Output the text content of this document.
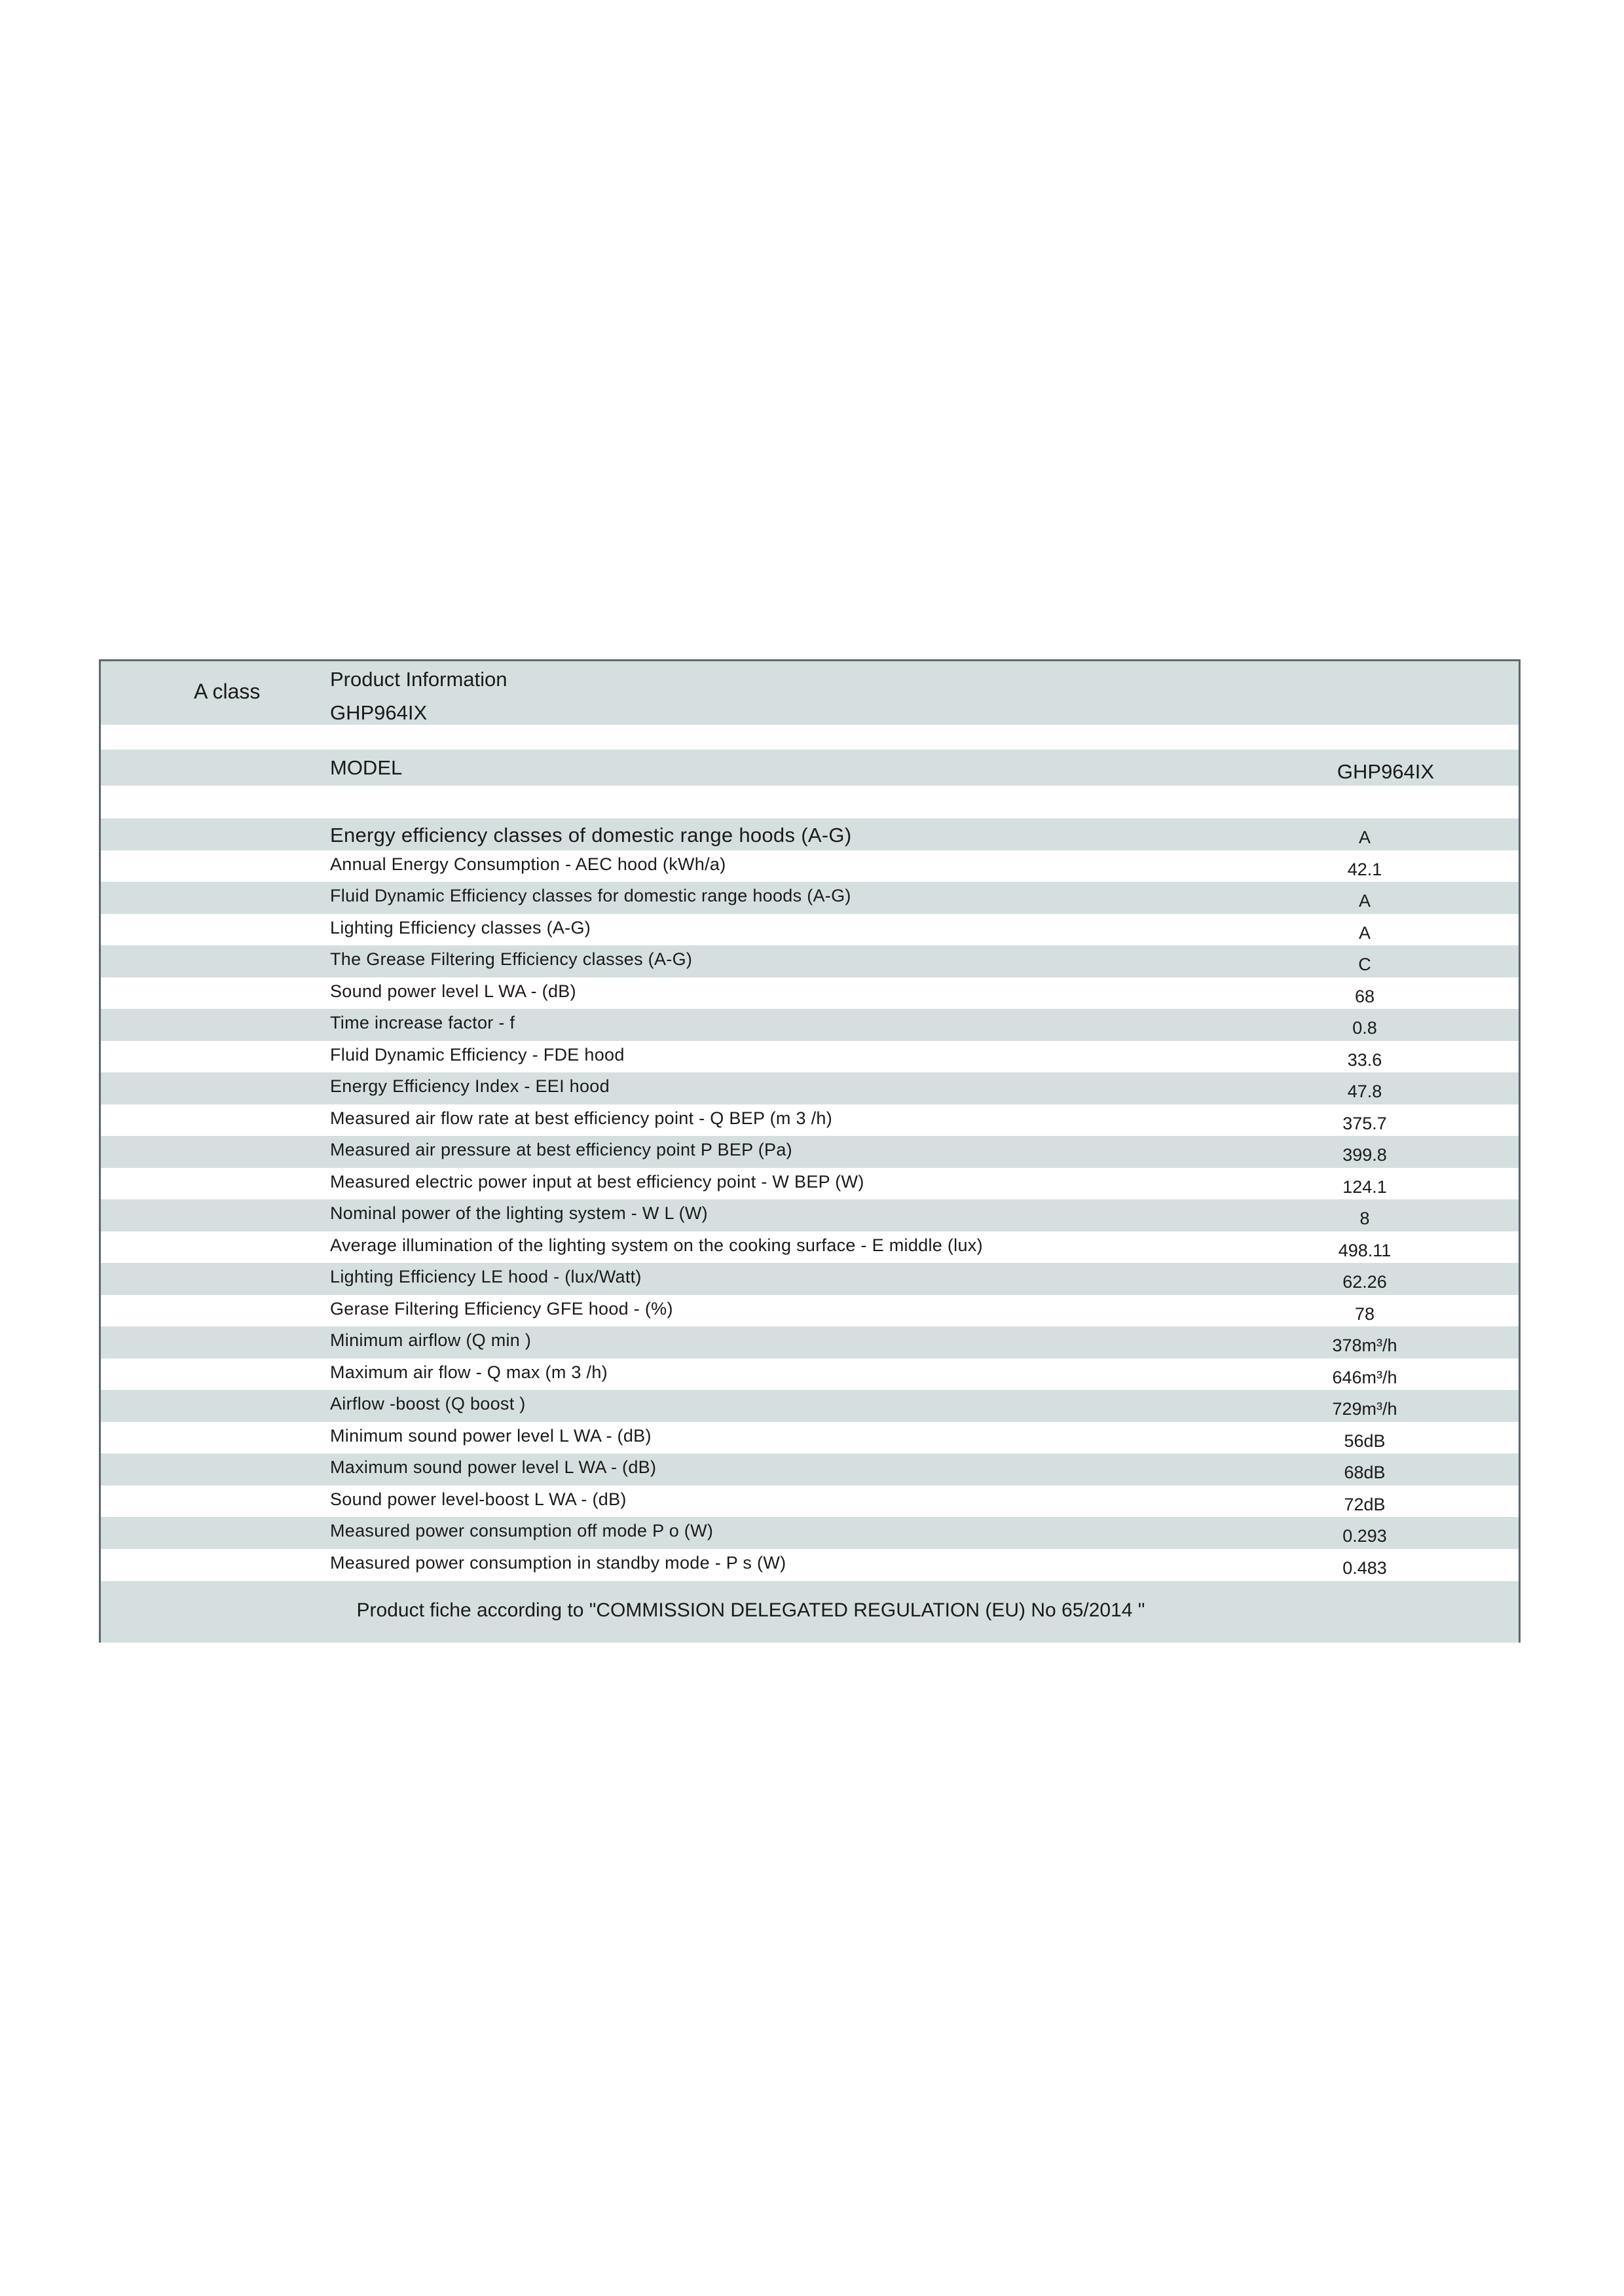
A class
Product Information
GHP964IX
MODEL	GHP964IX
Energy efficiency classes of domestic range hoods (A-G)	A
Annual Energy Consumption - AEC hood (kWh/a)	42.1
Fluid Dynamic Efficiency classes for domestic range hoods (A-G)	A
Lighting Efficiency classes (A-G)	A
The Grease Filtering Efficiency classes (A-G)	C
Sound power level L WA - (dB)	68
Time increase factor - f	0.8
Fluid Dynamic Efficiency - FDE hood	33.6
Energy Efficiency Index - EEI hood	47.8
Measured air flow rate at best efficiency point - Q BEP (m 3 /h)	375.7
Measured air pressure at best efficiency point P BEP (Pa)	399.8
Measured electric power input at best efficiency point - W BEP (W)	124.1
Nominal power of the lighting system - W L (W)	8
Average illumination of the lighting system on the cooking surface - E middle (lux)	498.11
Lighting Efficiency LE hood - (lux/Watt)	62.26
Gerase Filtering Efficiency GFE hood - (%)	78
Minimum airflow (Q min )	378m³/h
Maximum air flow - Q max (m 3 /h)	646m³/h
Airflow -boost (Q boost )	729m³/h
Minimum sound power level L WA - (dB)	56dB
Maximum sound power level L WA - (dB)	68dB
Sound power level-boost L WA - (dB)	72dB
Measured power consumption off mode P o (W)	0.293
Measured power consumption in standby mode - P s (W)	0.483
Product fiche according to "COMMISSION DELEGATED REGULATION (EU) No 65/2014 "
